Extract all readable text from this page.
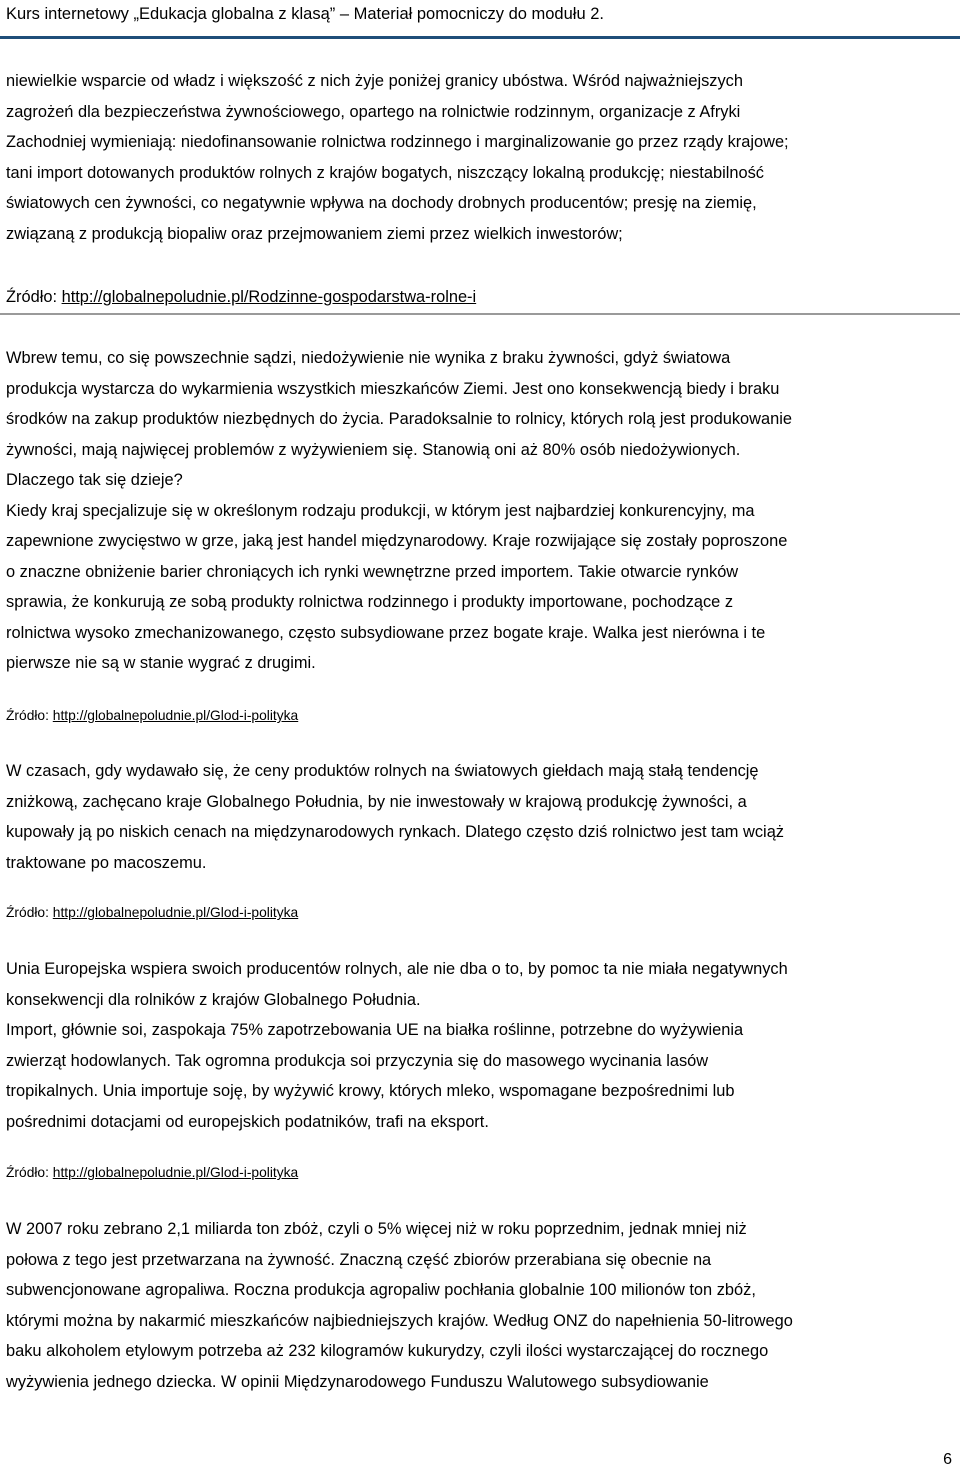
Kurs internetowy „Edukacja globalna z klasą” – Materiał pomocniczy do modułu 2.

niewielkie wsparcie od władz i większość z nich żyje poniżej granicy ubóstwa. Wśród najważniejszych

zagrożeń dla bezpieczeństwa żywnościowego, opartego na rolnictwie rodzinnym, organizacje z Afryki

Zachodniej wymieniają: niedofinansowanie rolnictwa rodzinnego i marginalizowanie go przez rządy krajowe;

tani import dotowanych produktów rolnych z krajów bogatych, niszczący lokalną produkcję; niestabilność

światowych cen żywności, co negatywnie wpływa na dochody drobnych producentów; presję na ziemię,

związaną z produkcją biopaliw oraz przejmowaniem ziemi przez wielkich inwestorów;

Źródło: http://globalnepoludnie.pl/Rodzinne-gospodarstwa-rolne-i

Wbrew temu, co się powszechnie sądzi, niedożywienie nie wynika z braku żywności, gdyż światowa

produkcja wystarcza do wykarmienia wszystkich mieszkańców Ziemi. Jest ono konsekwencją biedy i braku

środków na zakup produktów niezbędnych do życia. Paradoksalnie to rolnicy, których rolą jest produkowanie

żywności, mają najwięcej problemów z wyżywieniem się. Stanowią oni aż 80% osób niedożywionych.

Dlaczego tak się dzieje?

Kiedy kraj specjalizuje się w określonym rodzaju produkcji, w którym jest najbardziej konkurencyjny, ma

zapewnione zwycięstwo w grze, jaką jest handel międzynarodowy. Kraje rozwijające się zostały poproszone

o znaczne obniżenie barier chroniących ich rynki wewnętrzne przed importem. Takie otwarcie rynków

sprawia, że konkurują ze sobą produkty rolnictwa rodzinnego i produkty importowane, pochodzące z

rolnictwa wysoko zmechanizowanego, często subsydiowane przez bogate kraje. Walka jest nierówna i te

pierwsze nie są w stanie wygrać z drugimi.

Źródło: http://globalnepoludnie.pl/Glod-i-polityka

W czasach, gdy wydawało się, że ceny produktów rolnych na światowych giełdach mają stałą tendencję

zniżkową, zachęcano kraje Globalnego Południa, by nie inwestowały w krajową produkcję żywności, a

kupowały ją po niskich cenach na międzynarodowych rynkach. Dlatego często dziś rolnictwo jest tam wciąż

traktowane po macoszemu.

Źródło: http://globalnepoludnie.pl/Glod-i-polityka

Unia Europejska wspiera swoich producentów rolnych, ale nie dba o to, by pomoc ta nie miała negatywnych

konsekwencji dla rolników z krajów Globalnego Południa.

Import, głównie soi, zaspokaja 75% zapotrzebowania UE na białka roślinne, potrzebne do wyżywienia

zwierząt hodowlanych. Tak ogromna produkcja soi przyczynia się do masowego wycinania lasów

tropikalnych. Unia importuje soję, by wyżywić krowy, których mleko, wspomagane bezpośrednimi lub

pośrednimi dotacjami od europejskich podatników, trafi na eksport.

Źródło: http://globalnepoludnie.pl/Glod-i-polityka

W 2007 roku zebrano 2,1 miliarda ton zbóż, czyli o 5% więcej niż w roku poprzednim, jednak mniej niż

połowa z tego jest przetwarzana na żywność. Znaczną część zbiorów przerabiana się obecnie na

subwencjonowane agropaliwa. Roczna produkcja agropaliw pochłania globalnie 100 milionów ton zbóż,

którymi można by nakarmić mieszkańców najbiedniejszych krajów. Według ONZ do napełnienia 50-litrowego

baku alkoholem etylowym potrzeba aż 232 kilogramów kukurydzy, czyli ilości wystarczającej do rocznego

wyżywienia jednego dziecka. W opinii Międzynarodowego Funduszu Walutowego subsydiowanie

6
